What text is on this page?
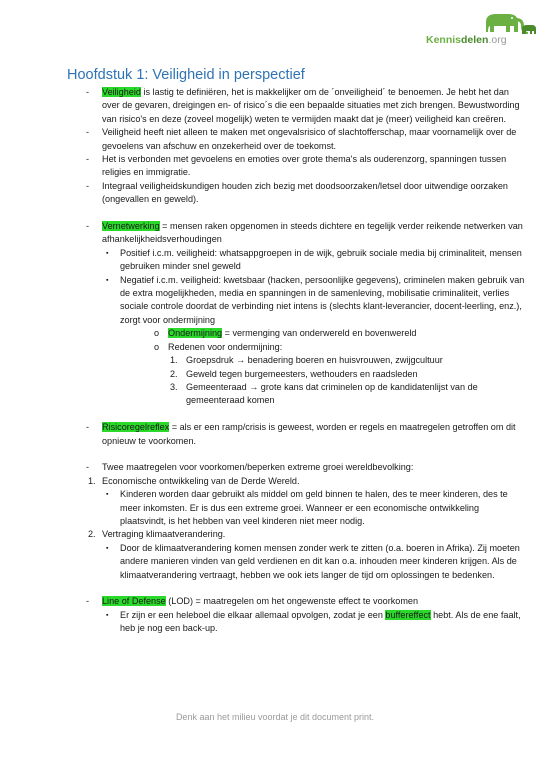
Kennisdelen.org
Hoofdstuk 1: Veiligheid in perspectief
- Veiligheid is lastig te definiëren, het is makkelijker om de ´onveiligheid´ te benoemen. Je hebt het dan over de gevaren, dreigingen en- of risico´s die een bepaalde situaties met zich brengen. Bewustwording van risico's en deze (zoveel mogelijk) weten te vermijden maakt dat je (meer) veiligheid kan creëren.
- Veiligheid heeft niet alleen te maken met ongevalsrisico of slachtofferschap, maar voornamelijk over de gevoelens van afschuw en onzekerheid over de toekomst.
- Het is verbonden met gevoelens en emoties over grote thema's als ouderenzorg, spanningen tussen religies en immigratie.
- Integraal veiligheidskundigen houden zich bezig met doodsoorzaken/letsel door uitwendige oorzaken (ongevallen en geweld).
- Vernetwerking = mensen raken opgenomen in steeds dichtere en tegelijk verder reikende netwerken van afhankelijkheidsverhoudingen
▪ Positief i.c.m. veiligheid: whatsappgroepen in de wijk, gebruik sociale media bij criminaliteit, mensen gebruiken minder snel geweld
▪ Negatief i.c.m. veiligheid: kwetsbaar (hacken, persoonlijke gegevens), criminelen maken gebruik van de extra mogelijkheden, media en spanningen in de samenleving, mobilisatie criminaliteit, verlies sociale controle doordat de verbinding niet intens is (slechts klant-leverancier, docent-leerling, enz.), zorgt voor ondermijning
o Ondermijning = vermenging van onderwereld en bovenwereld
o Redenen voor ondermijning:
1. Groepsdruk → benadering boeren en huisvrouwen, zwijgcultuur
2. Geweld tegen burgemeesters, wethouders en raadsleden
3. Gemeenteraad → grote kans dat criminelen op de kandidatenlijst van de gemeenteraad komen
- Risicoregelreflex = als er een ramp/crisis is geweest, worden er regels en maatregelen getroffen om dit opnieuw te voorkomen.
- Twee maatregelen voor voorkomen/beperken extreme groei wereldbevolking:
1. Economische ontwikkeling van de Derde Wereld.
▪ Kinderen worden daar gebruikt als middel om geld binnen te halen, des te meer kinderen, des te meer inkomsten. Er is dus een extreme groei. Wanneer er een economische ontwikkeling plaatsvindt, is het hebben van veel kinderen niet meer nodig.
2. Vertraging klimaatverandering.
▪ Door de klimaatverandering komen mensen zonder werk te zitten (o.a. boeren in Afrika). Zij moeten andere manieren vinden van geld verdienen en dit kan o.a. inhouden meer kinderen krijgen. Als de klimaatverandering vertraagt, hebben we ook iets langer de tijd om oplossingen te bedenken.
- Line of Defense (LOD) = maatregelen om het ongewenste effect te voorkomen
▪ Er zijn er een heleboel die elkaar allemaal opvolgen, zodat je een buffereffect hebt. Als de ene faalt, heb je nog een back-up.
Denk aan het milieu voordat je dit document print.
